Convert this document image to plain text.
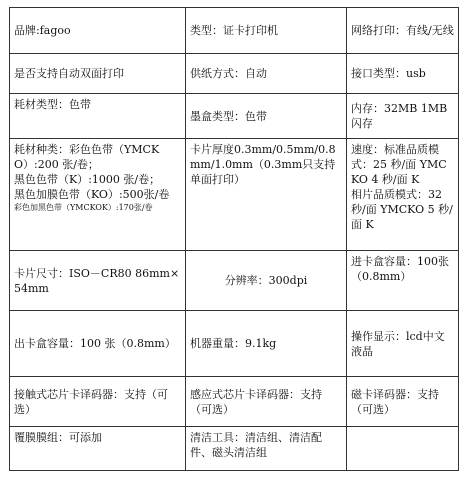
品牌:fagoo	类型：证卡打印机	网络打印：有线/无线

是否支持自动双面打印	供纸方式：自动	接口类型：usb

耗材类型：色带	墨盒类型：色带	内存：32MB 1MB闪存

耗材种类：彩色色带（YMCKO）:200 张/卷；
黑色色带（K）:1000 张/卷；
黑色加膜色带（KO）:500张/卷
彩色加黑色带（YMCKOK）:170张/卷	卡片厚度0.3mm/0.5mm/0.8mm/1.0mm（0.3mm只支持单面打印）	速度：标准品质模式：25 秒/面 YMCKO 4 秒/面 K
相片品质模式：32 秒/面 YMCKO 5 秒/面 K

卡片尺寸：ISO－CR80 86mm×54mm	分辨率：300dpi	进卡盒容量：100张（0.8mm）

出卡盒容量：100 张（0.8mm）	机器重量：9.1kg	操作显示：lcd中文液晶

接触式芯片卡译码器：支持（可选）	感应式芯片卡译码器：支持（可选）	磁卡译码器：支持（可选）

覆膜膜组：可添加	清洁工具：清洁组、清洁配件、磁头清洁组	
